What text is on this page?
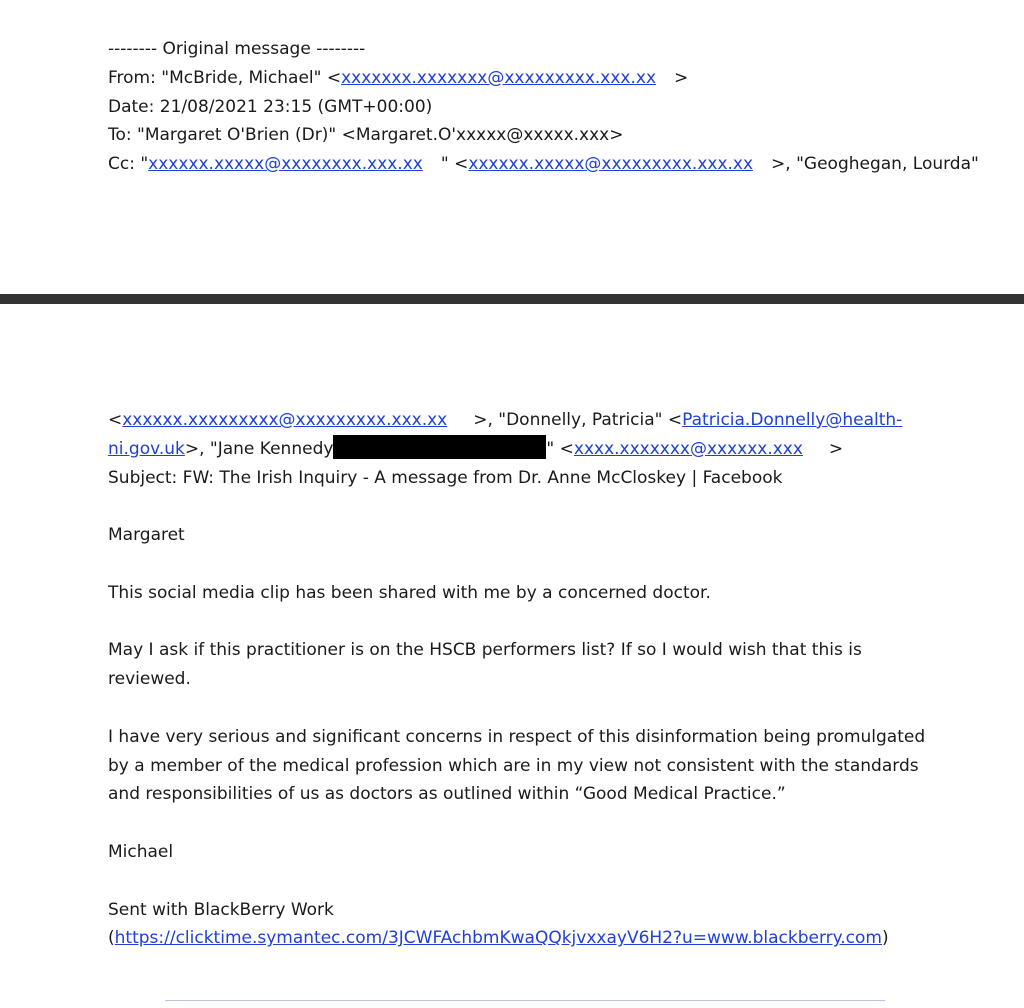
-------- Original message --------
From: "McBride, Michael" <xxxxxxx.xxxxxxx@xxxxxxxxx.xxx.xx >
Date: 21/08/2021 23:15 (GMT+00:00)
To: "Margaret O'Brien (Dr)" <Margaret.O'xxxxx@xxxxx.xxx>
Cc: "xxxxxx.xxxxx@xxxxxxxx.xxx.xx " <xxxxxx.xxxxx@xxxxxxxxx.xxx.xx >, "Geoghegan, Lourda"
<xxxxxx.xxxxxxxxx@xxxxxxxxx.xxx.xx >, "Donnelly, Patricia" <Patricia.Donnelly@health-
ni.gov.uk>, "Jane Kennedy	" <xxxx.xxxxxxx@xxxxxx.xxx >
Subject: FW: The Irish Inquiry - A message from Dr. Anne McCloskey | Facebook

Margaret

This social media clip has been shared with me by a concerned doctor.

May I ask if this practitioner is on the HSCB performers list? If so I would wish that this is reviewed.

I have very serious and significant concerns in respect of this disinformation being promulgated by a member of the medical profession which are in my view not consistent with the standards and responsibilities of us as doctors as outlined within “Good Medical Practice.”

Michael

Sent with BlackBerry Work
(https://clicktime.symantec.com/3JCWFAchbmKwaQQkjvxxayV6H2?u=www.blackberry.com)
